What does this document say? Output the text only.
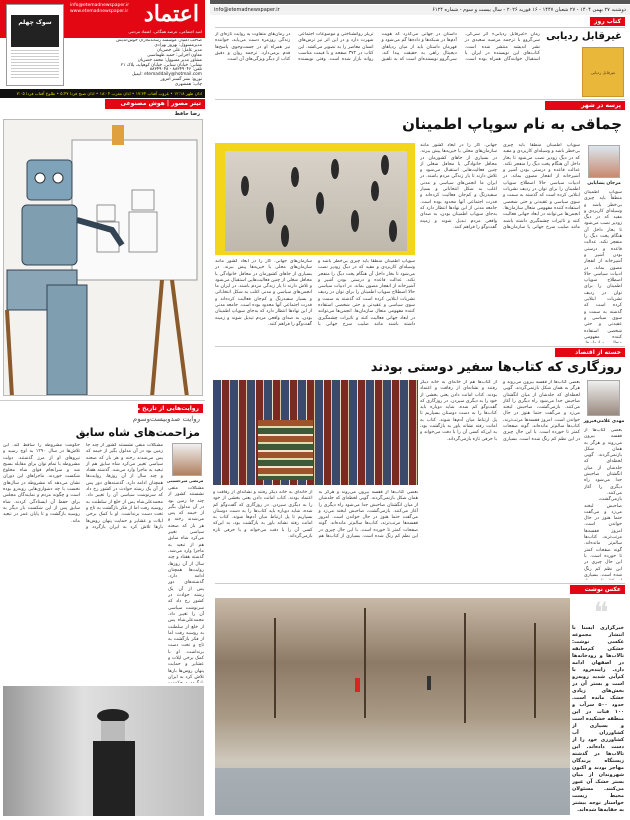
دوشنبه ۲۷ بهمن ۱۴۰۴ - ۲۷ شعبان ۱۴۴۷ - ۱۶ فوریه ۲۰۲۶ - سال بیست و سوم - شماره ۶۱۲۴
info@etemadnewspaper.ir
کتاب روز
غیرقابل ردیابی
غیرقابل ردیابی
رمان «غیرقابل ردیابی» اثر سی‌کی. سی‌گروو با ترجمه مرضیه سعیدی در نشر اندیشه منتشر شده است. کتاب‌های این نویسنده در ایران با استقبال خوانندگان همراه بوده است. داستان در جهانی می‌گذرد که هویت آدم‌ها در شبکه‌ها و داده‌ها گم می‌شود و قهرمان داستان باید از میان ردپاهای دیجیتال راهی به حقیقت پیدا کند. سی‌گروو نویسنده‌ای است که به تلفیق تریلر روانشناختی و موضوعات اجتماعی شهرت دارد و در این اثر نیز ترس‌های انسان معاصر را به تصویر می‌کشد. این کتاب در ۳۷۲ صفحه و با قیمت مناسب روانه بازار شده است. وقتی نویسنده در رمان‌های متفاوت به روایت تازه‌ای از زندگی روزمره دست می‌یابد، خواننده نیز همراه او در جست‌وجوی پاسخ‌ها قدم برمی‌دارد. ترجمه روان و دقیق کتاب از دیگر ویژگی‌های آن است.
اعتماد
info@etemadnewspaper.ir
www.etemadnewspaper.ir
امید اجتماعی، عرصه همگانی، اعتماد مردمی
سوک چهلم
صاحب امتیاز: موسسه رسانه‌نگاران خوش‌اندیش
مدیرمسوول: بهروز بهزادی
مدیر عامل: علی خضریان
معاون اجرایی: حمید طهماسبی
مشاور مدیر مسوول: محمد خضریان
نشانی: خیابان سنایی، خیابان کوهپایه، پلاک ۲۱
تلفن: ۸۸۳۴۹۰۴۶ - ۸۸۳۴۹۰۴۸
ایمیل: etemaddaily@hotmail.com
توزیع: نشر گستر امروز
چاپ: همشهری
اذان ظهر ۱۲:۱۸ • غروب آفتاب ۱۷:۳۴ • اذان مغرب ۱۸:۰۴ • اذان صبح فردا ۵:۴۷ • طلوع آفتاب فردا ۷:۰۵
تیتر مصور | هوش مصنوعی
رضا حافظ
پرسه در شهر
چماقی به نام سوپاپ اطمینان
مرجان یشایایی
سوپاپ اطمینان منطقاً باید چیزی بی‌خطر باشد و وسیله‌ای کاربردی و مفید که در دیگ زودپز نصب می‌شود تا بخار داخل آن هنگام پخت دیگ را منفجر نکند. عدالت قاعده و درستی بودن آشپز و آشپزخانه از انفجار مصون بماند. در ادبیات سیاسی حالا اصطلاح سوپاپ اطمینان را برای توان در ردیف نشریات ابتلایی کرده است که گذشته به سمت و سوی سیاسی و عقیدتی و حتی شخصی استفاده کننده مفهومی متعال سازمان‌ها. انجمن‌ها می‌توانند در ابعاد جهانی فعالیت کنند و تاثیرات چشمگیری داشته باشند مانند صلیب سرخ جهانی یا سازمان‌های جهانی. کار را در ابعاد کشور مانند سازمان‌های محلی یا خیریه‌ها پیش ببرند. در بسیاری از جاهای کشورمان در محافل خانوادگی یا محافل شغلی از چنین فعالیت‌هایی استقبال می‌شود و تلاش دارند تا یار زندگی مردم باشند. در ایران ما انجمن‌های سیاسی و مدنی اغلب به شکل انتخاباتی و بسیار سفیدرنگ و کم‌جان فعالیت کرده‌اند و قدرت اجتماعی آنها محدود بوده است. جامعه مدنی از این نهادها انتظار دارد که به‌جای سوپاپ اطمینان بودن، به صدای واقعی مردم تبدیل شوند و زمینه گفت‌وگو را فراهم کنند.
سوپاپ اطمینان منطقاً باید چیزی بی‌خطر باشد و وسیله‌ای کاربردی و مفید که در دیگ زودپز نصب می‌شود تا بخار داخل آن هنگام پخت دیگ را منفجر نکند. عدالت قاعده و درستی بودن آشپز و آشپزخانه از انفجار مصون بماند. در ادبیات سیاسی حالا اصطلاح سوپاپ اطمینان را برای توان در ردیف نشریات ابتلایی کرده است که گذشته به سمت و سوی سیاسی و عقیدتی و حتی شخصی استفاده کننده مفهومی
سوپاپ اطمینان منطقاً باید چیزی بی‌خطر باشد و وسیله‌ای کاربردی و مفید که در دیگ زودپز نصب می‌شود تا بخار داخل آن هنگام پخت دیگ را منفجر نکند. عدالت قاعده و درستی بودن آشپز و آشپزخانه از انفجار مصون بماند. در ادبیات سیاسی حالا اصطلاح سوپاپ اطمینان را برای توان در ردیف نشریات ابتلایی کرده است که گذشته به سمت و سوی سیاسی و عقیدتی و حتی شخصی استفاده کننده مفهومی متعال سازمان‌ها. انجمن‌ها می‌توانند در ابعاد جهانی فعالیت کنند و تاثیرات چشمگیری داشته باشند مانند صلیب سرخ جهانی یا سازمان‌های جهانی. کار را در ابعاد کشور مانند سازمان‌های محلی یا خیریه‌ها پیش ببرند. در بسیاری از جاهای کشورمان در محافل خانوادگی یا محافل شغلی از چنین فعالیت‌هایی استقبال می‌شود و تلاش دارند تا یار زندگی مردم باشند. در ایران ما انجمن‌های سیاسی و مدنی اغلب به شکل انتخاباتی و بسیار سفیدرنگ و کم‌جان فعالیت کرده‌اند و قدرت اجتماعی آنها محدود بوده است. جامعه مدنی از این نهادها انتظار دارد که به‌جای سوپاپ اطمینان بودن، به صدای واقعی مردم تبدیل شوند و زمینه گفت‌وگو را فراهم کنند.
خسته از اقتصاد
روزگاری که کتاب‌ها سفیر دوستی بودند
مهدی غلامی‌فیروز
بعضی کتاب‌ها از قفسه بیرون می‌روند و هرگز به همان شکل بازنمی‌گردند. گویی لحظه‌ای که جلدشان از میان انگشتان صاحبش جدا می‌شود راه دیگری را آغاز می‌کنند. بازمی‌گشت، صاحبش لبخند می‌زد و می‌گفت حتما هنوز در حال خواندن است. امروز قفسه‌ها مرتب‌ترند، کتاب‌ها سالم‌تر مانده‌اند. گونه صفحات کمتر تا خورده است. با این حال چیزی در این نظم کم رنگ شده است. بسیاری از کتاب‌ها هم از خانه‌ای به خانه دیگر رفتند و نشانه‌ای از رفاقت و اعتماد بودند. کتاب امانت دادن یعنی بخشی از خود را به دیگری سپردن. در روزگاری که گفت‌وگو کم شده، شاید دوباره باید کتاب‌ها را به دست دوستان بسپاریم تا پل ارتباط میان آدم‌ها شوند. کتاب به امانت رفته نشانه باور به بازگشت بود، به این‌که کسی آن را با دقت می‌خواند و با حرفی تازه بازمی‌گرداند.
بعضی کتاب‌ها از قفسه بیرون می‌روند و هرگز به همان شکل بازنمی‌گردند. گویی لحظه‌ای که جلدشان از میان انگشتان صاحبش جدا می‌شود راه دیگری را آغاز می‌کنند. بازمی‌گشت، صاحبش لبخند می‌زد و می‌گفت حتما هنوز در حال خواندن است. امروز قفسه‌ها مرتب‌ترند، کتاب‌ها سالم‌تر مانده‌اند. گونه صفحات کمتر تا خورده است. با این حال چیزی در این نظم کم رنگ شده است. بسیاری
بعضی کتاب‌ها از قفسه بیرون می‌روند و هرگز به همان شکل بازنمی‌گردند. گویی لحظه‌ای که جلدشان از میان انگشتان صاحبش جدا می‌شود راه دیگری را آغاز می‌کنند. بازمی‌گشت، صاحبش لبخند می‌زد و می‌گفت حتما هنوز در حال خواندن است. امروز قفسه‌ها مرتب‌ترند، کتاب‌ها سالم‌تر مانده‌اند. گونه صفحات کمتر تا خورده است. با این حال چیزی در این نظم کم رنگ شده است. بسیاری از کتاب‌ها هم از خانه‌ای به خانه دیگر رفتند و نشانه‌ای از رفاقت و اعتماد بودند. کتاب امانت دادن یعنی بخشی از خود را به دیگری سپردن. در روزگاری که گفت‌وگو کم شده، شاید دوباره باید کتاب‌ها را به دست دوستان بسپاریم تا پل ارتباط میان آدم‌ها شوند. کتاب به امانت رفته نشانه باور به بازگشت بود، به این‌که کسی آن را با دقت می‌خواند و با حرفی تازه بازمی‌گرداند.
عکس نوشت
❝
خبرگزاری ایسنا با انتشار مجموعه عکسی نوشت: خشکی کم‌سابقه تالاب‌ها و رودخانه‌ها در اصفهان ادامه دارد. زاینده‌رود با کم‌آبی شدید روبه‌رو است و بستر آن در بخش‌های زیادی خشک مانده است. حدود ۵۰۰ سرآب و ۱۰۰ قنات در این منطقه خشکیده است و بسیاری از کشاورزان آب کشاورزی خود را از دست داده‌اند. این تالاب‌ها در گذشته زیستگاه پرندگان مهاجر بودند و اکنون شهروندان از میان بستر خشک آن عبور می‌کنند. مسئولان محیط زیست خواستار توجه بیشتر به حقابه‌ها شده‌اند.
روایت‌هایی از تاریخ ما
روایت صدوبیست‌وسوم
مزاحمت‌های شاه سابق
مرتضی میرحسینی
مشکلات منفی نشستند کشور از چند جا زمین بود در آن مدلول بگیر از خیمه که پس می‌شدند رخنه و هر بار که صحنه سیاسی تغییر می‌کرد شاه سابق هم از تبعید به ماجرا وارد می‌شد. گذشته هفتاد و چند سال از آن روزها، روایت‌ها همچنان ادامه دارد. گذشته‌های دور پس از آن یک رشته حوادث در کشور رخ داد که سرنوشت سیاسی آن را تغییر داد. محمدعلی‌شاه پس از خلع از سلطنت به روسیه رفت اما از فکر بازگشت به تاج و تخت دست برنداشت. او با کمک برخی ایلات و عشایر و حمایت پنهان روس‌ها بارها تلاش کرد به ایران بازگردد و حکومت مشروطه را ساقط کند. این تلاش‌ها در سال ۱۲۹۰ به اوج رسید و نیروهای او از مرز گذشتند. دولت مشروطه با تمام توان برای مقابله بسیج شد و سرانجام قوای شاه مخلوع شکست خوردند. ماجراهای این دوران نشان می‌دهد که مشروطه در سال‌های نخست با چه دشواری‌هایی روبه‌رو بوده است و چگونه مردم و نمایندگان مجلس برای حفظ آن ایستادگی کردند. شاه سابق پس از این شکست بار دیگر به روسیه بازگشت و تا پایان عمر در تبعید ماند.
مشکلات منفی نشستند کشور از چند جا زمین بود در آن مدلول بگیر از خیمه که پس می‌شدند رخنه و هر بار که صحنه سیاسی تغییر می‌کرد شاه سابق هم از تبعید به ماجرا وارد می‌شد. گذشته هفتاد و چند سال از آن روزها، روایت‌ها همچنان ادامه دارد. گذشته‌های دور پس از آن یک رشته حوادث در کشور رخ داد که سرنوشت سیاسی آن را تغییر داد. محمدعلی‌شاه پس از خلع از سلطنت به روسیه رفت اما از فکر بازگشت به تاج و تخت دست برنداشت. او با کمک برخی ایلات و عشایر و حمایت پنهان روس‌ها بارها تلاش کرد به ایران
